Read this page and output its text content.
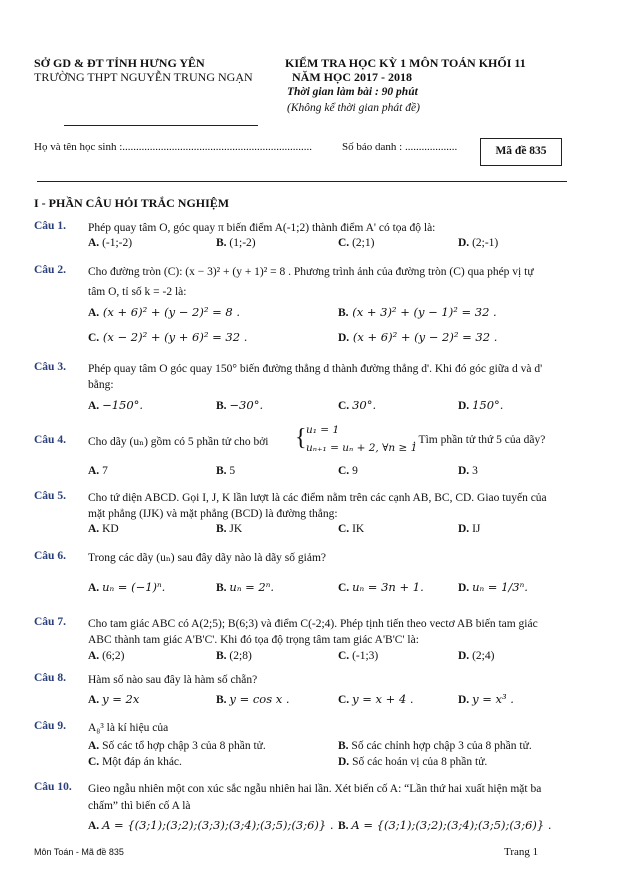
SỞ GD & ĐT TỈNH HƯNG YÊN
TRƯỜNG THPT NGUYỄN TRUNG NGẠN
KIỂM TRA HỌC KỲ 1 MÔN TOÁN KHỐI 11
NĂM HỌC 2017 - 2018
Thời gian làm bài : 90 phút
(Không kể thời gian phát đề)
Họ và tên học sinh :.....................................................................	Số báo danh : ...................	Mã đề 835
I - PHẦN CÂU HỎI TRẮC NGHIỆM
Câu 1. Phép quay tâm O, góc quay π biến điểm A(-1;2) thành điểm A' có tọa độ là:
A. (-1;-2)	B. (1;-2)	C. (2;1)	D. (2;-1)
Câu 2. Cho đường tròn (C): (x − 3)² + (y + 1)² = 8 . Phương trình ảnh của đường tròn (C) qua phép vị tự
tâm O, tỉ số k = -2 là:
A. (x + 6)² + (y − 2)² = 8 .	B. (x + 3)² + (y − 1)² = 32 .
C. (x − 2)² + (y + 6)² = 32 .	D. (x + 6)² + (y − 2)² = 32 .
Câu 3. Phép quay tâm O góc quay 150° biến đường thẳng d thành đường thẳng d'. Khi đó góc giữa d và d'
bằng:
A. −150°.	B. −30°.	C. 30°.	D. 150°.
Câu 4. Cho dãy (uₙ) gồm có 5 phần tử cho bởi { u₁ = 1
uₙ₊₁ = uₙ + 2, ∀n ≥ 1
. Tìm phần tử thứ 5 của dãy?
A. 7	B. 5	C. 9	D. 3
Câu 5. Cho tứ diện ABCD. Gọi I, J, K lần lượt là các điểm nằm trên các cạnh AB, BC, CD. Giao tuyến của
mặt phẳng (IJK) và mặt phẳng (BCD) là đường thẳng:
A. KD	B. JK	C. IK	D. IJ
Câu 6. Trong các dãy (uₙ) sau đây dãy nào là dãy số giảm?
A. uₙ = (−1)ⁿ.	B. uₙ = 2ⁿ.	C. uₙ = 3n + 1.	D. uₙ = 1/3ⁿ.
Câu 7. Cho tam giác ABC có A(2;5); B(6;3) và điểm C(-2;4). Phép tịnh tiến theo vectơ AB biến tam giác
ABC thành tam giác A'B'C'. Khi đó tọa độ trọng tâm tam giác A'B'C' là:
A. (6;2)	B. (2;8)	C. (-1;3)	D. (2;4)
Câu 8. Hàm số nào sau đây là hàm số chẵn?
A. y = 2x	B. y = cos x .	C. y = x + 4 .	D. y = x³ .
Câu 9. A₈³ là kí hiệu của
A. Số các tổ hợp chập 3 của 8 phần tử.	B. Số các chỉnh hợp chập 3 của 8 phần tử.
C. Một đáp án khác.	D. Số các hoán vị của 8 phần tử.
Câu 10. Gieo ngẫu nhiên một con xúc sắc ngẫu nhiên hai lần. Xét biến cố A: “Lần thứ hai xuất hiện mặt ba
chấm” thì biến cố A là
A. A = {(3;1);(3;2);(3;3);(3;4);(3;5);(3;6)} . B. A = {(3;1);(3;2);(3;4);(3;5);(3;6)} .
Môn Toán - Mã đề 835	Trang 1
